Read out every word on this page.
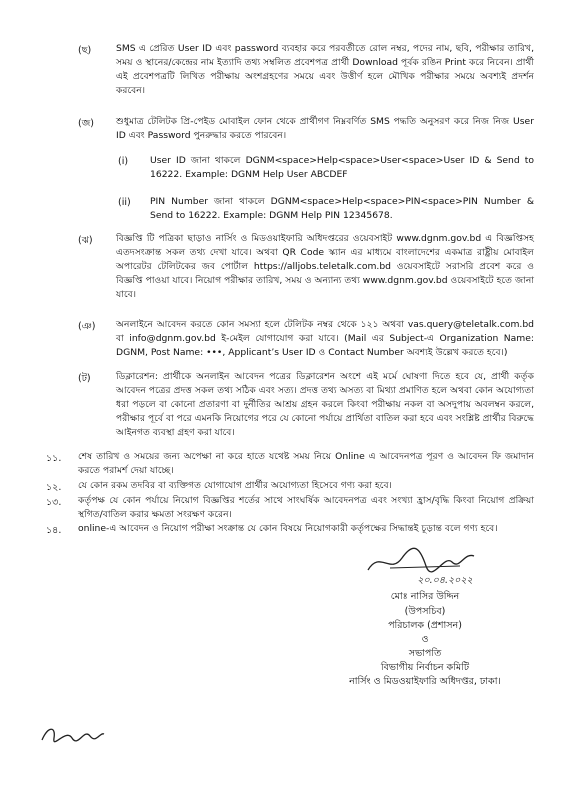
(ছ)	SMS এ প্রেরিত User ID এবং password ব্যবহার করে পরবর্তীতে রোল নম্বর, পদের নাম, ছবি, পরীক্ষার তারিখ, সময় ও স্থানের/কেন্দ্রের নাম ইত্যাদি তথ্য সম্বলিত প্রবেশপত্র প্রার্থী Download পূর্বক রঙিন Print করে নিবেন। প্রার্থী এই প্রবেশপত্রটি লিখিত পরীক্ষায় অংশগ্রহণের সময়ে এবং উত্তীর্ণ হলে মৌখিক পরীক্ষার সময়ে অবশ্যই প্রদর্শন করবেন।
(জ) শুধুমাত্র টেলিটক প্রি-পেইড মোবাইল ফোন থেকে প্রার্থীগণ নিম্নবর্ণিত SMS পদ্ধতি অনুসরণ করে নিজ নিজ User ID এবং Password পুনরুদ্ধার করতে পারবেন।
(i) User ID জানা থাকলে DGNM<space>Help<space>User<space>User ID & Send to 16222. Example: DGNM Help User ABCDEF
(ii) PIN Number জানা থাকলে DGNM<space>Help<space>PIN<space>PIN Number & Send to 16222. Example: DGNM Help PIN 12345678.
(ঝ)	বিজ্ঞপ্তি টি পত্রিকা ছাড়াও নার্সিং ও মিডওয়াইফারি অধিদপ্তরের ওয়েবসাইট www.dgnm.gov.bd এ বিজ্ঞপ্তিসহ এতদসংক্রান্ত সকল তথ্য দেখা যাবে। অথবা QR Code স্ক্যান এর মাধ্যমে বাংলাদেশের একমাত্র রাষ্ট্রীয় মোবাইল অপারেটর টেলিটকের জব পোর্টাল https://alljobs.teletalk.com.bd ওয়েবসাইটে সরাসরি প্রবেশ করে ও বিজ্ঞপ্তি পাওয়া যাবে। নিয়োগ পরীক্ষার তারিখ, সময় ও অন্যান্য তথ্য www.dgnm.gov.bd ওয়েবসাইটে হতে জানা যাবে।
(ঞ) অনলাইনে আবেদন করতে কোন সমস্যা হলে টেলিটক নম্বর থেকে ১২১ অথবা vas.query@teletalk.com.bd বা info@dgnm.gov.bd ই-মেইল যোগাযোগ করা যাবে। (Mail এর Subject-এ Organization Name: DGNM, Post Name: •••, Applicant’s User ID ও Contact Number অবশ্যই উল্লেখ করতে হবে।)
(ট)	ডিক্লারেশন: প্রার্থীকে অনলাইন আবেদন পত্রের ডিক্লারেশন অংশে এই মর্মে ঘোষণা দিতে হবে যে, প্রার্থী কর্তৃক আবেদন পত্রের প্রদত্ত সকল তথ্য সঠিক এবং সত্য। প্রদত্ত তথ্য অসত্য বা মিথ্যা প্রমাণিত হলে অথবা কোন অযোগ্যতা ধরা পড়লে বা কোনো প্রতারণা বা দুর্নীতির আশ্রয় গ্রহন করলে কিংবা পরীক্ষায় নকল বা অসদুপায় অবলম্বন করলে, পরীক্ষার পূর্বে বা পরে এমনকি নিয়োগের পরে যে কোনো পর্যায়ে প্রার্থিতা বাতিল করা হবে এবং সংশ্লিষ্ট প্রার্থীর বিরুদ্ধে আইনগত ব্যবস্থা গ্রহণ করা যাবে।
১১. শেষ তারিখ ও সময়ের জন্য অপেক্ষা না করে হাতে যথেষ্ট সময় নিয়ে Online এ আবেদনপত্র পূরণ ও আবেদন ফি জমাদান করতে পরামর্শ দেয়া যাচ্ছে।
১২. যে কোন রকম তদবির বা ব্যক্তিগত যোগাযোগ প্রার্থীর অযোগ্যতা হিসেবে গণ্য করা হবে।
১৩. কর্তৃপক্ষ যে কোন পর্যায়ে নিয়োগ বিজ্ঞপ্তির শর্তের সাথে সাংঘর্ষিক আবেদনপত্র এবং সংখ্যা হ্রাস/বৃদ্ধি কিংবা নিয়োগ প্রক্রিয়া স্থগিত/বাতিল করার ক্ষমতা সংরক্ষণ করেন।
১৪. online-এ আবেদন ও নিয়োগ পরীক্ষা সংক্রান্ত যে কোন বিষয়ে নিয়োগকারী কর্তৃপক্ষের সিদ্ধান্তই চূড়ান্ত বলে গণ্য হবে।
২০.০৪.২০২২
মোঃ নাসির উদ্দিন
(উপসচিব)
পরিচালক (প্রশাসন)
ও
সভাপতি
বিভাগীয় নির্বাচন কমিটি
নার্সিং ও মিডওয়াইফারি অধিদপ্তর, ঢাকা।
